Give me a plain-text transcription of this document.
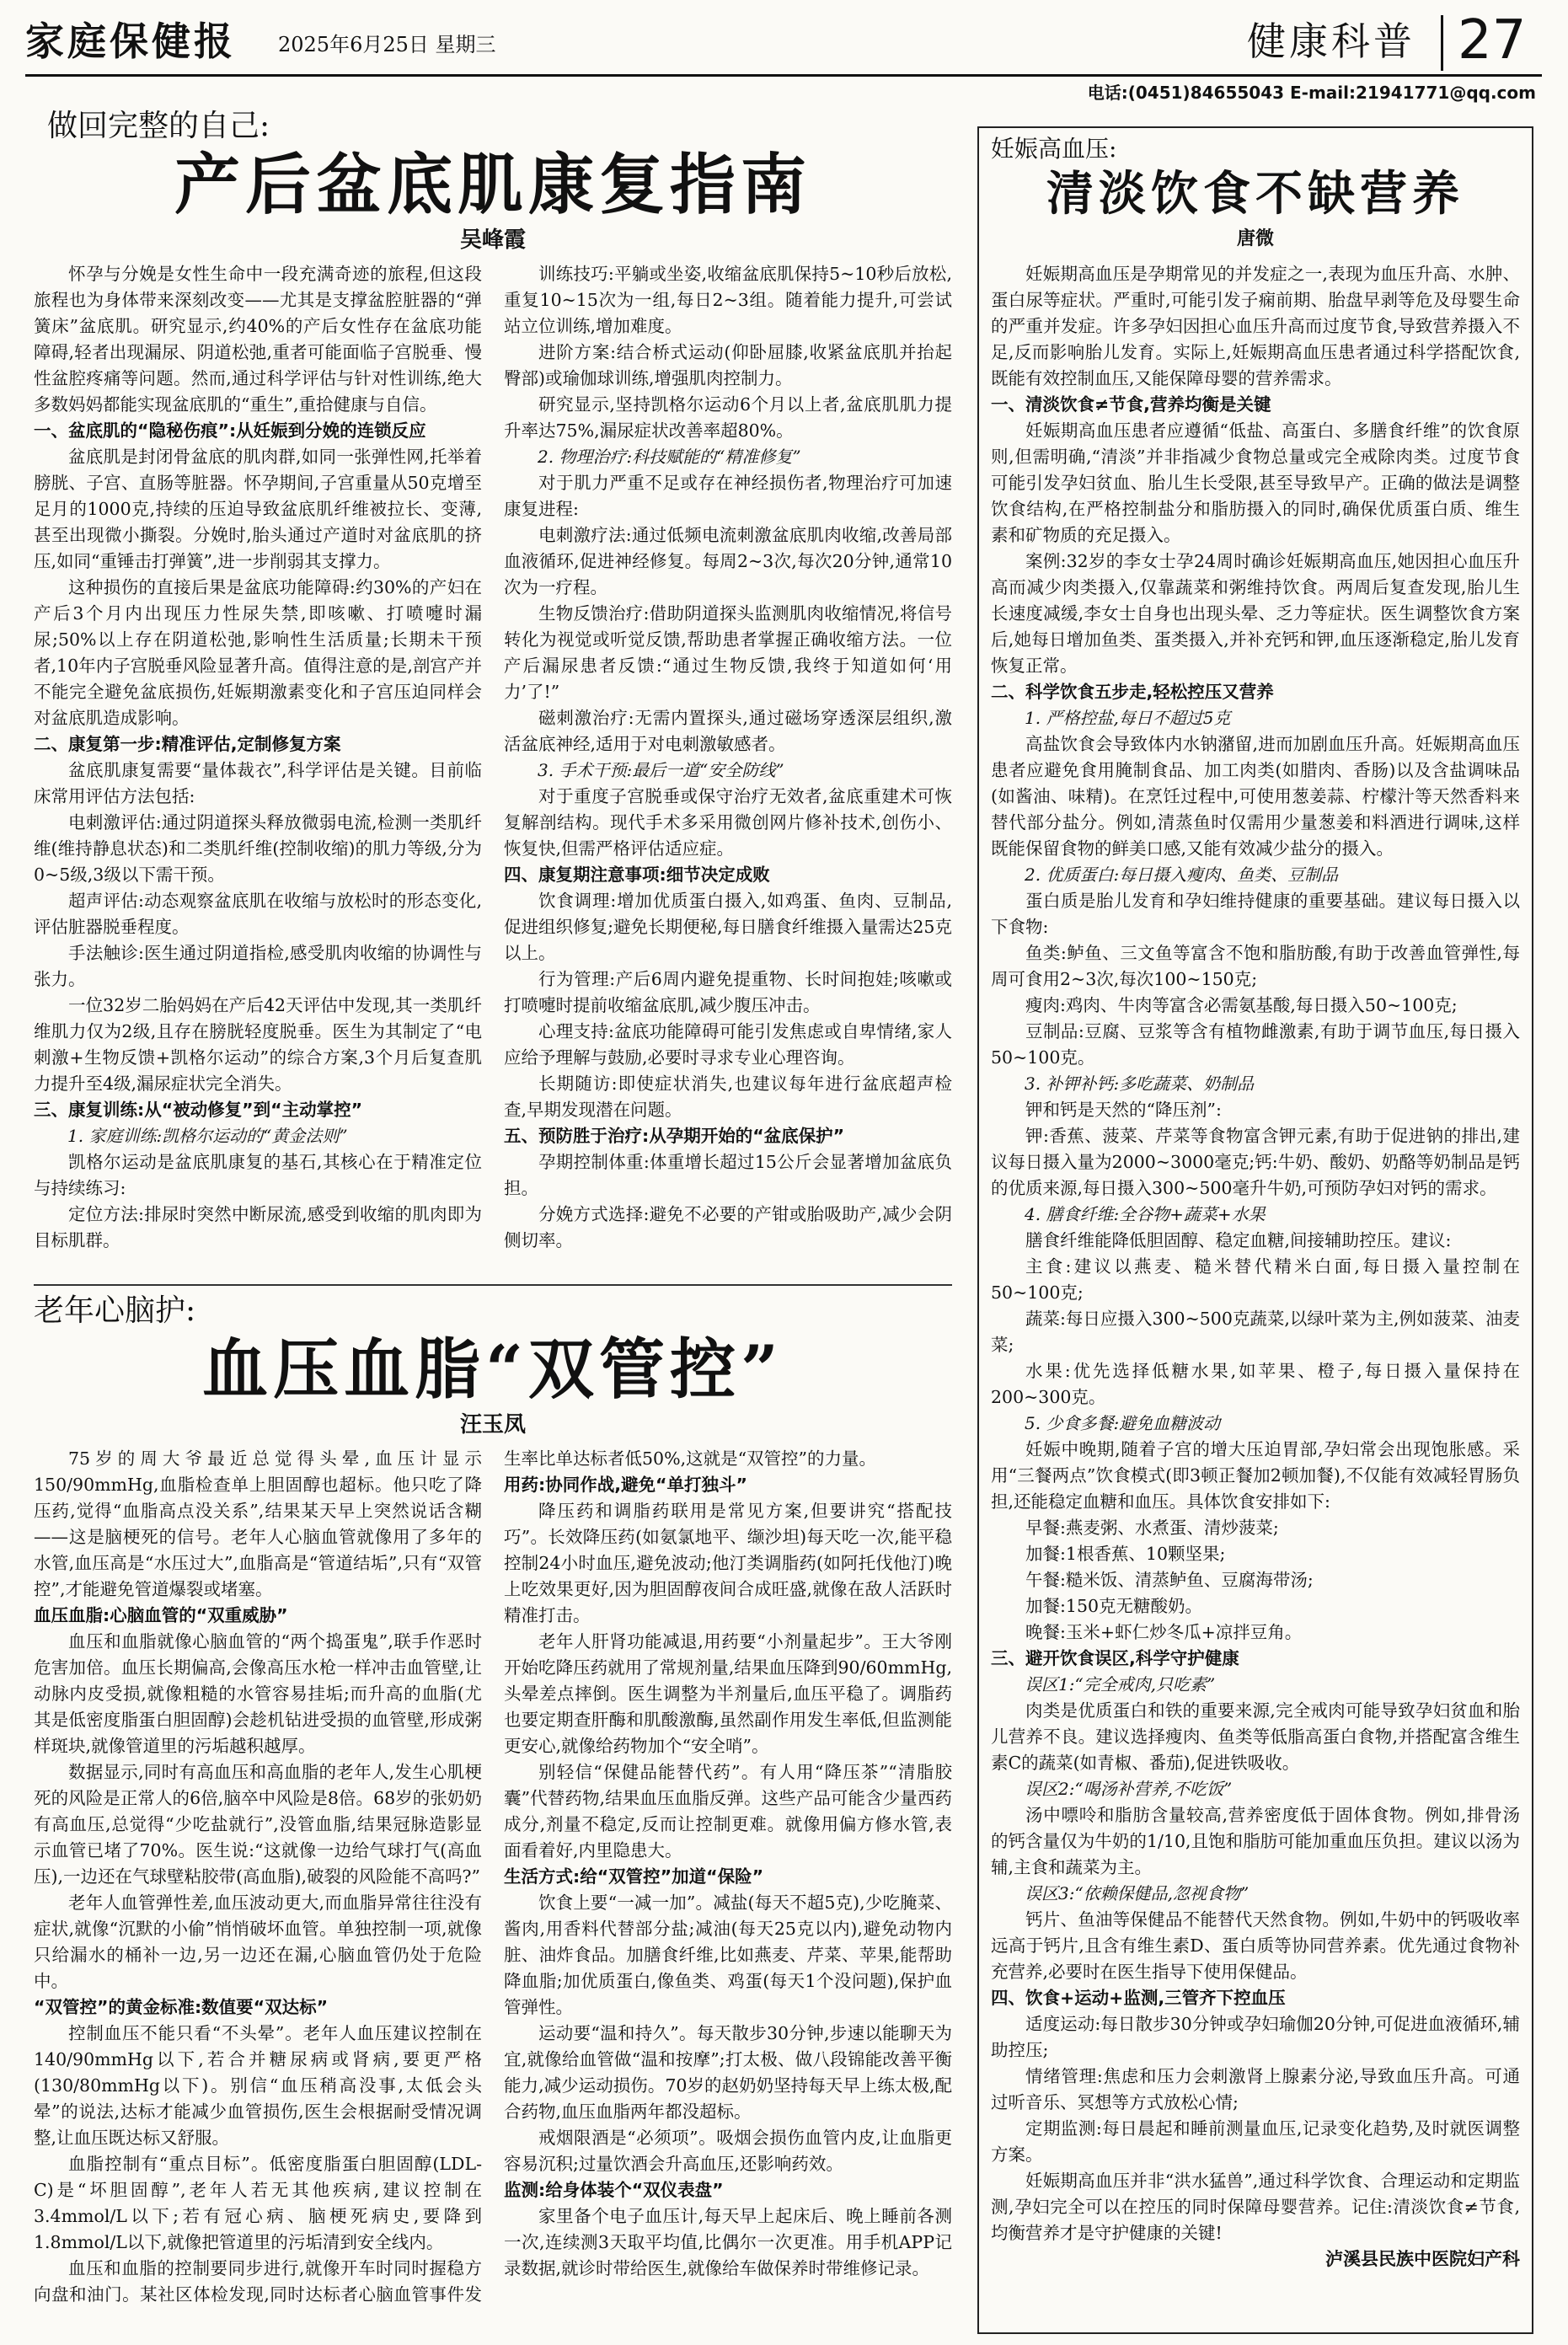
家庭保健报 2025年6月25日 星期三	健康科普 27
电话:(0451)84655043 E-mail:21941771@qq.com
做回完整的自己:
产后盆底肌康复指南
吴峰霞

怀孕与分娩是女性生命中一段充满奇迹的旅程,但这段旅程也为身体带来深刻改变——尤其是支撑盆腔脏器的“弹簧床”盆底肌。研究显示,约40%的产后女性存在盆底功能障碍,轻者出现漏尿、阴道松弛,重者可能面临子宫脱垂、慢性盆腔疼痛等问题。然而,通过科学评估与针对性训练,绝大多数妈妈都能实现盆底肌的“重生”,重拾健康与自信。

一、盆底肌的“隐秘伤痕”:从妊娠到分娩的连锁反应

盆底肌是封闭骨盆底的肌肉群,如同一张弹性网,托举着膀胱、子宫、直肠等脏器。怀孕期间,子宫重量从50克增至足月的1000克,持续的压迫导致盆底肌纤维被拉长、变薄,甚至出现微小撕裂。分娩时,胎头通过产道时对盆底肌的挤压,如同“重锤击打弹簧”,进一步削弱其支撑力。

这种损伤的直接后果是盆底功能障碍:约30%的产妇在产后3个月内出现压力性尿失禁,即咳嗽、打喷嚏时漏尿;50%以上存在阴道松弛,影响性生活质量;长期未干预者,10年内子宫脱垂风险显著升高。值得注意的是,剖宫产并不能完全避免盆底损伤,妊娠期激素变化和子宫压迫同样会对盆底肌造成影响。

二、康复第一步:精准评估,定制修复方案

盆底肌康复需要“量体裁衣”,科学评估是关键。目前临床常用评估方法包括:

电刺激评估:通过阴道探头释放微弱电流,检测一类肌纤维(维持静息状态)和二类肌纤维(控制收缩)的肌力等级,分为0~5级,3级以下需干预。

超声评估:动态观察盆底肌在收缩与放松时的形态变化,评估脏器脱垂程度。

手法触诊:医生通过阴道指检,感受肌肉收缩的协调性与张力。

一位32岁二胎妈妈在产后42天评估中发现,其一类肌纤维肌力仅为2级,且存在膀胱轻度脱垂。医生为其制定了“电刺激+生物反馈+凯格尔运动”的综合方案,3个月后复查肌力提升至4级,漏尿症状完全消失。

三、康复训练:从“被动修复”到“主动掌控”
1. 家庭训练:凯格尔运动的“黄金法则”

凯格尔运动是盆底肌康复的基石,其核心在于精准定位与持续练习:

定位方法:排尿时突然中断尿流,感受到收缩的肌肉即为目标肌群。

训练技巧:平躺或坐姿,收缩盆底肌保持5~10秒后放松,重复10~15次为一组,每日2~3组。随着能力提升,可尝试站立位训练,增加难度。

进阶方案:结合桥式运动(仰卧屈膝,收紧盆底肌并抬起臀部)或瑜伽球训练,增强肌肉控制力。

研究显示,坚持凯格尔运动6个月以上者,盆底肌肌力提升率达75%,漏尿症状改善率超80%。

2. 物理治疗:科技赋能的“精准修复”

对于肌力严重不足或存在神经损伤者,物理治疗可加速康复进程:

电刺激疗法:通过低频电流刺激盆底肌肉收缩,改善局部血液循环,促进神经修复。每周2~3次,每次20分钟,通常10次为一疗程。

生物反馈治疗:借助阴道探头监测肌肉收缩情况,将信号转化为视觉或听觉反馈,帮助患者掌握正确收缩方法。一位产后漏尿患者反馈:“通过生物反馈,我终于知道如何‘用力’了!”

磁刺激治疗:无需内置探头,通过磁场穿透深层组织,激活盆底神经,适用于对电刺激敏感者。

3. 手术干预:最后一道“安全防线”

对于重度子宫脱垂或保守治疗无效者,盆底重建术可恢复解剖结构。现代手术多采用微创网片修补技术,创伤小、恢复快,但需严格评估适应症。

四、康复期注意事项:细节决定成败

饮食调理:增加优质蛋白摄入,如鸡蛋、鱼肉、豆制品,促进组织修复;避免长期便秘,每日膳食纤维摄入量需达25克以上。

行为管理:产后6周内避免提重物、长时间抱娃;咳嗽或打喷嚏时提前收缩盆底肌,减少腹压冲击。

心理支持:盆底功能障碍可能引发焦虑或自卑情绪,家人应给予理解与鼓励,必要时寻求专业心理咨询。

长期随访:即使症状消失,也建议每年进行盆底超声检查,早期发现潜在问题。

五、预防胜于治疗:从孕期开始的“盆底保护”

孕期控制体重:体重增长超过15公斤会显著增加盆底负担。

分娩方式选择:避免不必要的产钳或胎吸助产,减少会阴侧切率。

老年心脑护:
血压血脂“双管控”
汪玉凤

75岁的周大爷最近总觉得头晕,血压计显示150/90mmHg,血脂检查单上胆固醇也超标。他只吃了降压药,觉得“血脂高点没关系”,结果某天早上突然说话含糊——这是脑梗死的信号。老年人心脑血管就像用了多年的水管,血压高是“水压过大”,血脂高是“管道结垢”,只有“双管控”,才能避免管道爆裂或堵塞。

血压血脂:心脑血管的“双重威胁”

血压和血脂就像心脑血管的“两个捣蛋鬼”,联手作恶时危害加倍。血压长期偏高,会像高压水枪一样冲击血管壁,让动脉内皮受损,就像粗糙的水管容易挂垢;而升高的血脂(尤其是低密度脂蛋白胆固醇)会趁机钻进受损的血管壁,形成粥样斑块,就像管道里的污垢越积越厚。

数据显示,同时有高血压和高血脂的老年人,发生心肌梗死的风险是正常人的6倍,脑卒中风险是8倍。68岁的张奶奶有高血压,总觉得“少吃盐就行”,没管血脂,结果冠脉造影显示血管已堵了70%。医生说:“这就像一边给气球打气(高血压),一边还在气球壁粘胶带(高血脂),破裂的风险能不高吗?”

老年人血管弹性差,血压波动更大,而血脂异常往往没有症状,就像“沉默的小偷”悄悄破坏血管。单独控制一项,就像只给漏水的桶补一边,另一边还在漏,心脑血管仍处于危险中。

“双管控”的黄金标准:数值要“双达标”

控制血压不能只看“不头晕”。老年人血压建议控制在140/90mmHg以下,若合并糖尿病或肾病,要更严格(130/80mmHg以下)。别信“血压稍高没事,太低会头晕”的说法,达标才能减少血管损伤,医生会根据耐受情况调整,让血压既达标又舒服。

血脂控制有“重点目标”。低密度脂蛋白胆固醇(LDL-C)是“坏胆固醇”,老年人若无其他疾病,建议控制在3.4mmol/L以下;若有冠心病、脑梗死病史,要降到1.8mmol/L以下,就像把管道里的污垢清到安全线内。

血压和血脂的控制要同步进行,就像开车时同时握稳方向盘和油门。某社区体检发现,同时达标者心脑血管事件发生率比单达标者低50%,这就是“双管控”的力量。

用药:协同作战,避免“单打独斗”

降压药和调脂药联用是常见方案,但要讲究“搭配技巧”。长效降压药(如氨氯地平、缬沙坦)每天吃一次,能平稳控制24小时血压,避免波动;他汀类调脂药(如阿托伐他汀)晚上吃效果更好,因为胆固醇夜间合成旺盛,就像在敌人活跃时精准打击。

老年人肝肾功能减退,用药要“小剂量起步”。王大爷刚开始吃降压药就用了常规剂量,结果血压降到90/60mmHg,头晕差点摔倒。医生调整为半剂量后,血压平稳了。调脂药也要定期查肝酶和肌酸激酶,虽然副作用发生率低,但监测能更安心,就像给药物加个“安全哨”。

别轻信“保健品能替代药”。有人用“降压茶”“清脂胶囊”代替药物,结果血压血脂反弹。这些产品可能含少量西药成分,剂量不稳定,反而让控制更难。就像用偏方修水管,表面看着好,内里隐患大。

生活方式:给“双管控”加道“保险”

饮食上要“一减一加”。减盐(每天不超5克),少吃腌菜、酱肉,用香料代替部分盐;减油(每天25克以内),避免动物内脏、油炸食品。加膳食纤维,比如燕麦、芹菜、苹果,能帮助降血脂;加优质蛋白,像鱼类、鸡蛋(每天1个没问题),保护血管弹性。

运动要“温和持久”。每天散步30分钟,步速以能聊天为宜,就像给血管做“温和按摩”;打太极、做八段锦能改善平衡能力,减少运动损伤。70岁的赵奶奶坚持每天早上练太极,配合药物,血压血脂两年都没超标。

戒烟限酒是“必须项”。吸烟会损伤血管内皮,让血脂更容易沉积;过量饮酒会升高血压,还影响药效。

监测:给身体装个“双仪表盘”

家里备个电子血压计,每天早上起床后、晚上睡前各测一次,连续测3天取平均值,比偶尔一次更准。用手机APP记录数据,就诊时带给医生,就像给车做保养时带维修记录。

妊娠高血压:
清淡饮食不缺营养
唐微

妊娠期高血压是孕期常见的并发症之一,表现为血压升高、水肿、蛋白尿等症状。严重时,可能引发子痫前期、胎盘早剥等危及母婴生命的严重并发症。许多孕妇因担心血压升高而过度节食,导致营养摄入不足,反而影响胎儿发育。实际上,妊娠期高血压患者通过科学搭配饮食,既能有效控制血压,又能保障母婴的营养需求。

一、清淡饮食≠节食,营养均衡是关键

妊娠期高血压患者应遵循“低盐、高蛋白、多膳食纤维”的饮食原则,但需明确,“清淡”并非指减少食物总量或完全戒除肉类。过度节食可能引发孕妇贫血、胎儿生长受限,甚至导致早产。正确的做法是调整饮食结构,在严格控制盐分和脂肪摄入的同时,确保优质蛋白质、维生素和矿物质的充足摄入。

案例:32岁的李女士孕24周时确诊妊娠期高血压,她因担心血压升高而减少肉类摄入,仅靠蔬菜和粥维持饮食。两周后复查发现,胎儿生长速度减缓,李女士自身也出现头晕、乏力等症状。医生调整饮食方案后,她每日增加鱼类、蛋类摄入,并补充钙和钾,血压逐渐稳定,胎儿发育恢复正常。

二、科学饮食五步走,轻松控压又营养
1. 严格控盐,每日不超过5克

高盐饮食会导致体内水钠潴留,进而加剧血压升高。妊娠期高血压患者应避免食用腌制食品、加工肉类(如腊肉、香肠)以及含盐调味品(如酱油、味精)。在烹饪过程中,可使用葱姜蒜、柠檬汁等天然香料来替代部分盐分。例如,清蒸鱼时仅需用少量葱姜和料酒进行调味,这样既能保留食物的鲜美口感,又能有效减少盐分的摄入。

2. 优质蛋白:每日摄入瘦肉、鱼类、豆制品

蛋白质是胎儿发育和孕妇维持健康的重要基础。建议每日摄入以下食物:

鱼类:鲈鱼、三文鱼等富含不饱和脂肪酸,有助于改善血管弹性,每周可食用2~3次,每次100~150克;

瘦肉:鸡肉、牛肉等富含必需氨基酸,每日摄入50~100克;

豆制品:豆腐、豆浆等含有植物雌激素,有助于调节血压,每日摄入50~100克。

3. 补钾补钙:多吃蔬菜、奶制品

钾和钙是天然的“降压剂”:

钾:香蕉、菠菜、芹菜等食物富含钾元素,有助于促进钠的排出,建议每日摄入量为2000~3000毫克;钙:牛奶、酸奶、奶酪等奶制品是钙的优质来源,每日摄入300~500毫升牛奶,可预防孕妇对钙的需求。

4. 膳食纤维:全谷物+蔬菜+水果

膳食纤维能降低胆固醇、稳定血糖,间接辅助控压。建议:

主食:建议以燕麦、糙米替代精米白面,每日摄入量控制在50~100克;

蔬菜:每日应摄入300~500克蔬菜,以绿叶菜为主,例如菠菜、油麦菜;

水果:优先选择低糖水果,如苹果、橙子,每日摄入量保持在200~300克。

5. 少食多餐:避免血糖波动

妊娠中晚期,随着子宫的增大压迫胃部,孕妇常会出现饱胀感。采用“三餐两点”饮食模式(即3顿正餐加2顿加餐),不仅能有效减轻胃肠负担,还能稳定血糖和血压。具体饮食安排如下:

早餐:燕麦粥、水煮蛋、清炒菠菜;

加餐:1根香蕉、10颗坚果;

午餐:糙米饭、清蒸鲈鱼、豆腐海带汤;

加餐:150克无糖酸奶。

晚餐:玉米+虾仁炒冬瓜+凉拌豆角。

三、避开饮食误区,科学守护健康
误区1:“完全戒肉,只吃素”

肉类是优质蛋白和铁的重要来源,完全戒肉可能导致孕妇贫血和胎儿营养不良。建议选择瘦肉、鱼类等低脂高蛋白食物,并搭配富含维生素C的蔬菜(如青椒、番茄),促进铁吸收。

误区2:“喝汤补营养,不吃饭”

汤中嘌呤和脂肪含量较高,营养密度低于固体食物。例如,排骨汤的钙含量仅为牛奶的1/10,且饱和脂肪可能加重血压负担。建议以汤为辅,主食和蔬菜为主。

误区3:“依赖保健品,忽视食物”

钙片、鱼油等保健品不能替代天然食物。例如,牛奶中的钙吸收率远高于钙片,且含有维生素D、蛋白质等协同营养素。优先通过食物补充营养,必要时在医生指导下使用保健品。

四、饮食+运动+监测,三管齐下控血压

适度运动:每日散步30分钟或孕妇瑜伽20分钟,可促进血液循环,辅助控压;

情绪管理:焦虑和压力会刺激肾上腺素分泌,导致血压升高。可通过听音乐、冥想等方式放松心情;

定期监测:每日晨起和睡前测量血压,记录变化趋势,及时就医调整方案。

妊娠期高血压并非“洪水猛兽”,通过科学饮食、合理运动和定期监测,孕妇完全可以在控压的同时保障母婴营养。记住:清淡饮食≠节食,均衡营养才是守护健康的关键!

泸溪县民族中医院妇产科
